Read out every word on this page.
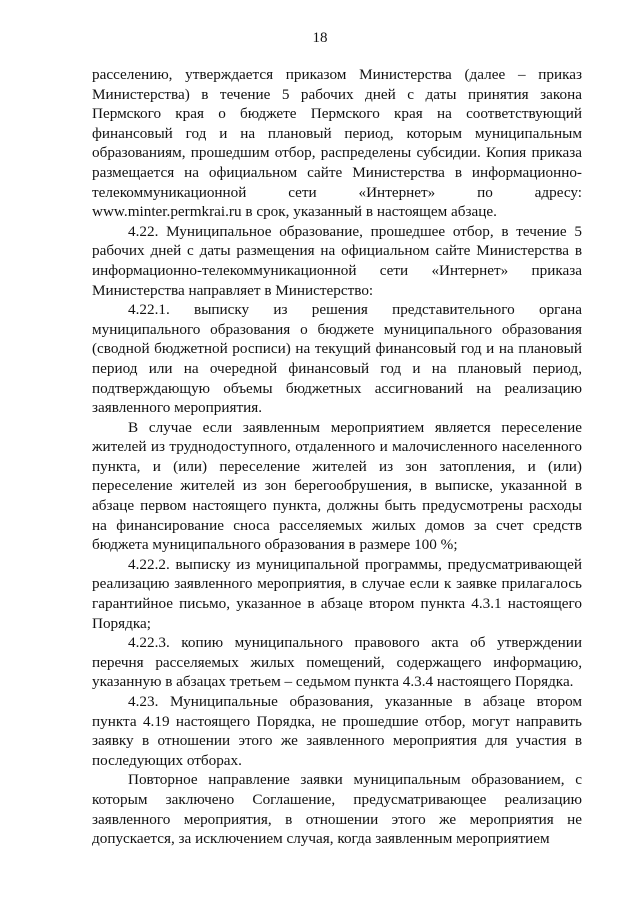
18

расселению, утверждается приказом Министерства (далее – приказ Министерства) в течение 5 рабочих дней с даты принятия закона Пермского края о бюджете Пермского края на соответствующий финансовый год и на плановый период, которым муниципальным образованиям, прошедшим отбор, распределены субсидии. Копия приказа размещается на официальном сайте Министерства в информационно-телекоммуникационной сети «Интернет» по адресу: www.minter.permkrai.ru в срок, указанный в настоящем абзаце.

4.22. Муниципальное образование, прошедшее отбор, в течение 5 рабочих дней с даты размещения на официальном сайте Министерства в информационно-телекоммуникационной сети «Интернет» приказа Министерства направляет в Министерство:

4.22.1. выписку из решения представительного органа муниципального образования о бюджете муниципального образования (сводной бюджетной росписи) на текущий финансовый год и на плановый период или на очередной финансовый год и на плановый период, подтверждающую объемы бюджетных ассигнований на реализацию заявленного мероприятия.

В случае если заявленным мероприятием является переселение жителей из труднодоступного, отдаленного и малочисленного населенного пункта, и (или) переселение жителей из зон затопления, и (или) переселение жителей из зон берегообрушения, в выписке, указанной в абзаце первом настоящего пункта, должны быть предусмотрены расходы на финансирование сноса расселяемых жилых домов за счет средств бюджета муниципального образования в размере 100 %;

4.22.2. выписку из муниципальной программы, предусматривающей реализацию заявленного мероприятия, в случае если к заявке прилагалось гарантийное письмо, указанное в абзаце втором пункта 4.3.1 настоящего Порядка;

4.22.3. копию муниципального правового акта об утверждении перечня расселяемых жилых помещений, содержащего информацию, указанную в абзацах третьем – седьмом пункта 4.3.4 настоящего Порядка.

4.23. Муниципальные образования, указанные в абзаце втором пункта 4.19 настоящего Порядка, не прошедшие отбор, могут направить заявку в отношении этого же заявленного мероприятия для участия в последующих отборах.

Повторное направление заявки муниципальным образованием, с которым заключено Соглашение, предусматривающее реализацию заявленного мероприятия, в отношении этого же мероприятия не допускается, за исключением случая, когда заявленным мероприятием
